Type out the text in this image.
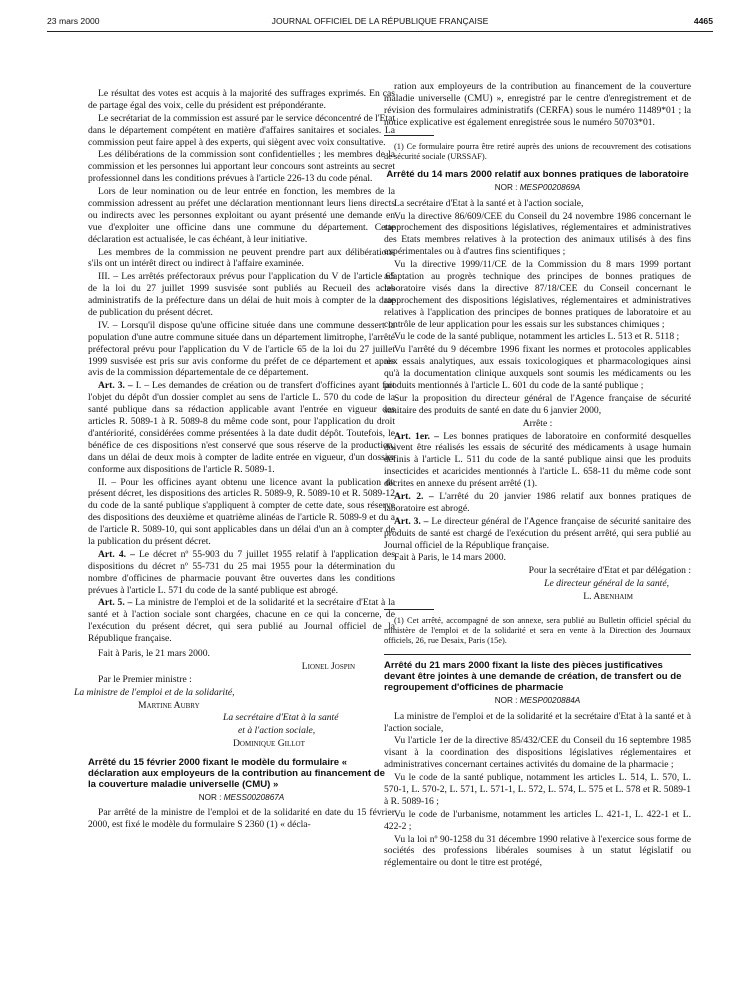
23 mars 2000	JOURNAL OFFICIEL DE LA RÉPUBLIQUE FRANÇAISE	4465

Le résultat des votes est acquis à la majorité des suffrages exprimés. En cas de partage égal des voix, celle du président est prépondérante.

Le secrétariat de la commission est assuré par le service déconcentré de l'Etat dans le département compétent en matière d'affaires sanitaires et sociales. La commission peut faire appel à des experts, qui siègent avec voix consultative.

Les délibérations de la commission sont confidentielles ; les membres de la commission et les personnes lui apportant leur concours sont astreints au secret professionnel dans les conditions prévues à l'article 226-13 du code pénal.

Lors de leur nomination ou de leur entrée en fonction, les membres de la commission adressent au préfet une déclaration mentionnant leurs liens directs ou indirects avec les personnes exploitant ou ayant présenté une demande en vue d'exploiter une officine dans une commune du département. Cette déclaration est actualisée, le cas échéant, à leur initiative.

Les membres de la commission ne peuvent prendre part aux délibérations s'ils ont un intérêt direct ou indirect à l'affaire examinée.

III. – Les arrêtés préfectoraux prévus pour l'application du V de l'article 65 de la loi du 27 juillet 1999 susvisée sont publiés au Recueil des actes administratifs de la préfecture dans un délai de huit mois à compter de la date de publication du présent décret.

IV. – Lorsqu'il dispose qu'une officine située dans une commune dessert la population d'une autre commune située dans un département limitrophe, l'arrêté préfectoral prévu pour l'application du V de l'article 65 de la loi du 27 juillet 1999 susvisée est pris sur avis conforme du préfet de ce département et après avis de la commission départementale de ce département.

Art. 3. – I. – Les demandes de création ou de transfert d'officines ayant fait l'objet du dépôt d'un dossier complet au sens de l'article L. 570 du code de la santé publique dans sa rédaction applicable avant l'entrée en vigueur des articles R. 5089-1 à R. 5089-8 du même code sont, pour l'application du droit d'antériorité, considérées comme présentées à la date dudit dépôt. Toutefois, le bénéfice de ces dispositions n'est conservé que sous réserve de la production, dans un délai de deux mois à compter de ladite entrée en vigueur, d'un dossier conforme aux dispositions de l'article R. 5089-1.

II. – Pour les officines ayant obtenu une licence avant la publication du présent décret, les dispositions des articles R. 5089-9, R. 5089-10 et R. 5089-12 du code de la santé publique s'appliquent à compter de cette date, sous réserve des dispositions des deuxième et quatrième alinéas de l'article R. 5089-9 et du a de l'article R. 5089-10, qui sont applicables dans un délai d'un an à compter de la publication du présent décret.

Art. 4. – Le décret nº 55-903 du 7 juillet 1955 relatif à l'application des dispositions du décret nº 55-731 du 25 mai 1955 pour la détermination du nombre d'officines de pharmacie pouvant être ouvertes dans les conditions prévues à l'article L. 571 du code de la santé publique est abrogé.

Art. 5. – La ministre de l'emploi et de la solidarité et la secrétaire d'Etat à la santé et à l'action sociale sont chargées, chacune en ce qui la concerne, de l'exécution du présent décret, qui sera publié au Journal officiel de la République française.

Fait à Paris, le 21 mars 2000.

Lionel Jospin

Par le Premier ministre :

La ministre de l'emploi et de la solidarité,

Martine Aubry

La secrétaire d'Etat à la santé

et à l'action sociale,

Dominique Gillot

Arrêté du 15 février 2000 fixant le modèle du formulaire « déclaration aux employeurs de la contribution au financement de la couverture maladie universelle (CMU) »

NOR : MESS0020867A

Par arrêté de la ministre de l'emploi et de la solidarité en date du 15 février 2000, est fixé le modèle du formulaire S 2360 (1) « décla-

ration aux employeurs de la contribution au financement de la couverture maladie universelle (CMU) », enregistré par le centre d'enregistrement et de révision des formulaires administratifs (CERFA) sous le numéro 11489*01 ; la notice explicative est également enregistrée sous le numéro 50703*01.

(1) Ce formulaire pourra être retiré auprès des unions de recouvrement des cotisations de sécurité sociale (URSSAF).

Arrêté du 14 mars 2000 relatif aux bonnes pratiques de laboratoire

NOR : MESP0020869A

La secrétaire d'Etat à la santé et à l'action sociale,

Vu la directive 86/609/CEE du Conseil du 24 novembre 1986 concernant le rapprochement des dispositions législatives, réglementaires et administratives des Etats membres relatives à la protection des animaux utilisés à des fins expérimentales ou à d'autres fins scientifiques ;

Vu la directive 1999/11/CE de la Commission du 8 mars 1999 portant adaptation au progrès technique des principes de bonnes pratiques de laboratoire visés dans la directive 87/18/CEE du Conseil concernant le rapprochement des dispositions législatives, réglementaires et administratives relatives à l'application des principes de bonnes pratiques de laboratoire et au contrôle de leur application pour les essais sur les substances chimiques ;

Vu le code de la santé publique, notamment les articles L. 513 et R. 5118 ;

Vu l'arrêté du 9 décembre 1996 fixant les normes et protocoles applicables aux essais analytiques, aux essais toxicologiques et pharmacologiques ainsi qu'à la documentation clinique auxquels sont soumis les médicaments ou les produits mentionnés à l'article L. 601 du code de la santé publique ;

Sur la proposition du directeur général de l'Agence française de sécurité sanitaire des produits de santé en date du 6 janvier 2000,

Arrête :

Art. 1er. – Les bonnes pratiques de laboratoire en conformité desquelles doivent être réalisés les essais de sécurité des médicaments à usage humain définis à l'article L. 511 du code de la santé publique ainsi que les produits insecticides et acaricides mentionnés à l'article L. 658-11 du même code sont décrites en annexe du présent arrêté (1).

Art. 2. – L'arrêté du 20 janvier 1986 relatif aux bonnes pratiques de laboratoire est abrogé.

Art. 3. – Le directeur général de l'Agence française de sécurité sanitaire des produits de santé est chargé de l'exécution du présent arrêté, qui sera publié au Journal officiel de la République française.

Fait à Paris, le 14 mars 2000.

Pour la secrétaire d'Etat et par délégation :

Le directeur général de la santé,

L. Abenhaim

(1) Cet arrêté, accompagné de son annexe, sera publié au Bulletin officiel spécial du ministère de l'emploi et de la solidarité et sera en vente à la Direction des Journaux officiels, 26, rue Desaix, Paris (15e).

Arrêté du 21 mars 2000 fixant la liste des pièces justificatives devant être jointes à une demande de création, de transfert ou de regroupement d'officines de pharmacie

NOR : MESP0020884A

La ministre de l'emploi et de la solidarité et la secrétaire d'Etat à la santé et à l'action sociale,

Vu l'article 1er de la directive 85/432/CEE du Conseil du 16 septembre 1985 visant à la coordination des dispositions législatives réglementaires et administratives concernant certaines activités du domaine de la pharmacie ;

Vu le code de la santé publique, notamment les articles L. 514, L. 570, L. 570-1, L. 570-2, L. 571, L. 571-1, L. 572, L. 574, L. 575 et L. 578 et R. 5089-1 à R. 5089-16 ;

Vu le code de l'urbanisme, notamment les articles L. 421-1, L. 422-1 et L. 422-2 ;

Vu la loi nº 90-1258 du 31 décembre 1990 relative à l'exercice sous forme de sociétés des professions libérales soumises à un statut législatif ou réglementaire ou dont le titre est protégé,
